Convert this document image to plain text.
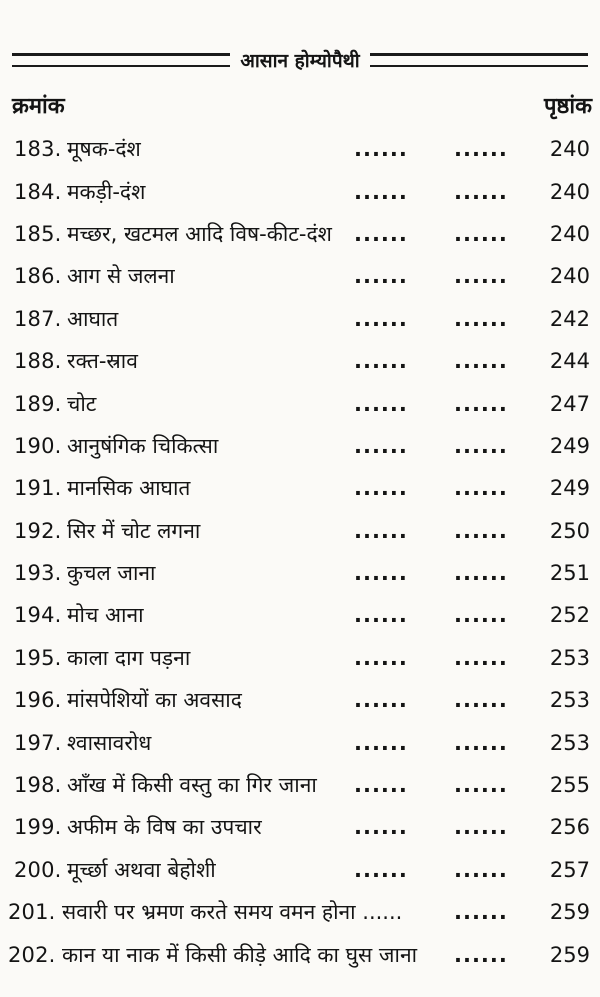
आसान होम्योपैथी
क्रमांक	पृष्ठांक
183. मूषक-दंश	...... ...... 240
184. मकड़ी-दंश	...... ...... 240
185. मच्छर, खटमल आदि विष-कीट-दंश ...... ...... 240
186. आग से जलना	...... ...... 240
187. आघात	...... ...... 242
188. रक्त-स्राव	...... ...... 244
189. चोट	...... ...... 247
190. आनुषंगिक चिकित्सा	...... ...... 249
191. मानसिक आघात	...... ...... 249
192. सिर में चोट लगना	...... ...... 250
193. कुचल जाना	...... ...... 251
194. मोच आना	...... ...... 252
195. काला दाग पड़ना	...... ...... 253
196. मांसपेशियों का अवसाद	...... ...... 253
197. श्वासावरोध	...... ...... 253
198. आँख में किसी वस्तु का गिर जाना ...... ...... 255
199. अफीम के विष का उपचार	...... ...... 256
200. मूर्च्छा अथवा बेहोशी	...... ...... 257
201. सवारी पर भ्रमण करते समय वमन होना ...... ...... 259
202. कान या नाक में किसी कीड़े आदि का घुस जाना ...... 259
